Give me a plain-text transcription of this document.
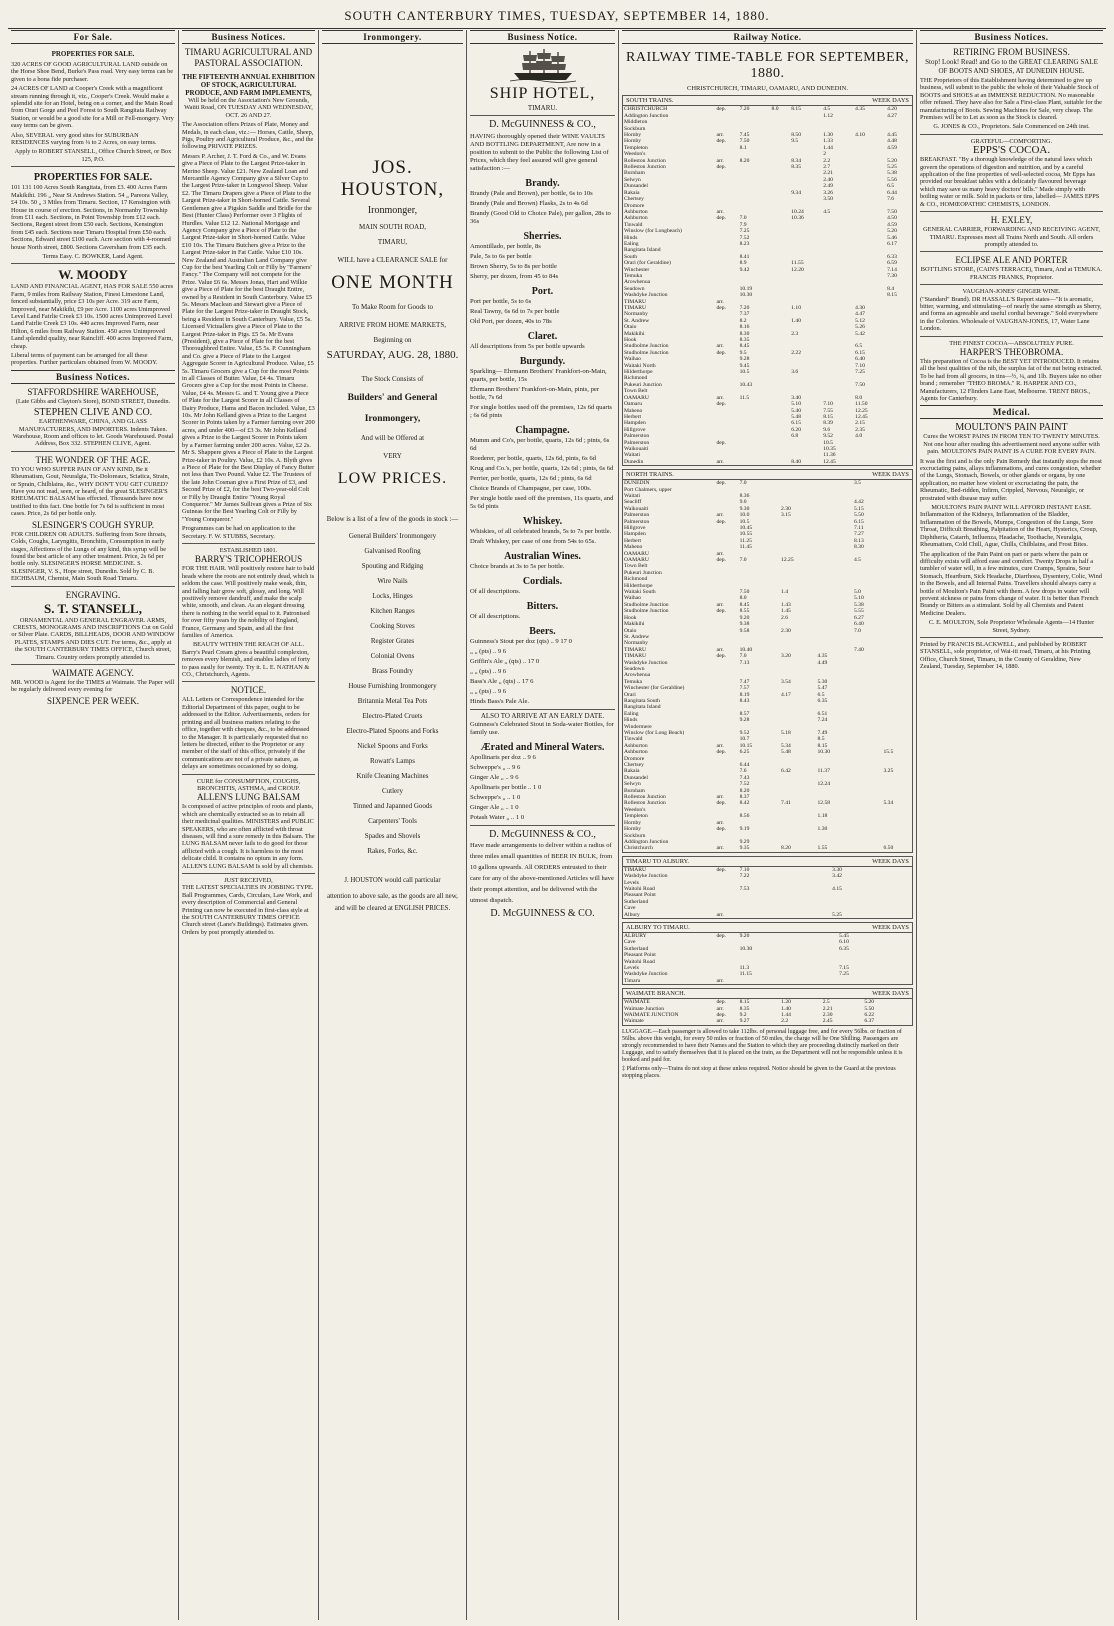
SOUTH CANTERBURY TIMES, TUESDAY, SEPTEMBER 14, 1880.
For Sale.
PROPERTIES FOR SALE.

320 ACRES OF GOOD AGRICULTURAL LAND outside on the Horse Shoe Bend, Burke's Pass road. Very easy terms can be given to a bona fide purchaser.

24 ACRES OF LAND at Cooper's Creek with a magnificent stream running through it, viz., Cooper's Creek. Would make a splendid site for an Hotel, being on a corner, and the Main Road from Orari Gorge and Peel Forest to South Rangitata Railway Station, or would be a good site for a Mill or Fell-mongery. Very easy terms can be given.

Also, SEVERAL very good sites for SUBURBAN RESIDENCES varying from ¼ to 2 Acres, on easy terms.

Apply to ROBERT STANSELL, Office Church Street, or Box 125, P.O.

PROPERTIES FOR SALE.

101 131 100 Acres South Rangitata, from £3. 400 Acres Farm Makikihi. 196 „ Near St Andrews Station. 54 „ Pareora Valley, £4 10s. 50 „ 3 Miles from Timaru. Section, 17 Kensington with House in course of erection. Sections, in Normanby Township from £11 each. Sections, in Point Township from £12 each. Sections, Regent street from £50 each. Sections, Kensington from £45 each. Sections near Timaru Hospital from £50 each. Sections, Edward street £100 each. Acre section with 4-roomed house North street, £800. Sections Caversham from £35 each.

Terms Easy. C. BOWKER, Land Agent.

W. MOODY

LAND AND FINANCIAL AGENT, HAS FOR SALE 550 acres Farm, 9 miles from Railway Station, Finest Limestone Land, fenced substantially, price £3 10s per Acre. 319 acre Farm, Improved, near Makikihi, £9 per Acre. 1100 acres Unimproved Level Land Fairlie Creek £3 10s. 1500 acres Unimproved Level Land Fairlie Creek £3 10s. 440 acres Improved Farm, near Hilton, 6 miles from Railway Station. 450 acres Unimproved Land splendid quality, near Raincliff. 400 acres Improved Farm, cheap.

Liberal terms of payment can be arranged for all these properties. Further particulars obtained from W. MOODY.

Business Notices.
STAFFORDSHIRE WAREHOUSE,

(Late Gibbs and Clayton's Store), BOND STREET, Dunedin.

STEPHEN CLIVE AND CO.

EARTHENWARE, CHINA, AND GLASS MANUFACTURERS, AND IMPORTERS. Indents Taken. Warehouse, Room and offices to let. Goods Warehoused. Postal Address, Box 332. STEPHEN CLIVE, Agent.

THE WONDER OF THE AGE.

TO YOU WHO SUFFER PAIN OF ANY KIND, Be it Rheumatism, Gout, Neuralgia, Tic-Doloreaux, Sciatica, Strain, or Sprain, Chilblains, &c., WHY DON'T YOU GET CURED? Have you not read, seen, or heard, of the great SLESINGER'S RHEUMATIC BALSAM has effected. Thousands have now testified to this fact. One bottle for 7s 6d is sufficient in most cases. Price, 2s 6d per bottle only.

SLESINGER'S COUGH SYRUP.

FOR CHILDREN OR ADULTS. Suffering from Sore throats, Colds, Coughs, Laryngitis, Bronchitis, Consumption in early stages, Affections of the Lungs of any kind, this syrup will be found the best article of any other treatment. Price, 2s 6d per bottle only. SLESINGER'S HORSE MEDICINE. S. SLESINGER, V. S., Hope street, Dunedin. Sold by C. B. EICHBAUM, Chemist, Main South Road Timaru.

ENGRAVING.
S. T. STANSELL,

ORNAMENTAL AND GENERAL ENGRAVER. ARMS, CRESTS, MONOGRAMS AND INSCRIPTIONS Cut on Gold or Silver Plate. CARDS, BILLHEADS, DOOR AND WINDOW PLATES, STAMPS AND DIES CUT. For terms, &c., apply at the SOUTH CANTERBURY TIMES OFFICE, Church street, Timaru. Country orders promptly attended to.

WAIMATE AGENCY.

MR. WOOD is Agent for the TIMES at Waimate. The Paper will be regularly delivered every evening for

SIXPENCE PER WEEK.
Business Notices.
TIMARU AGRICULTURAL AND PASTORAL ASSOCIATION.
THE FIFTEENTH ANNUAL EXHIBITION OF STOCK, AGRICULTURAL PRODUCE, AND FARM IMPLEMENTS,

Will be held on the Association's New Grounds, Waiiti Road, ON TUESDAY AND WEDNESDAY, OCT. 26 AND 27.

The Association offers Prizes of Plate, Money and Medals, in each class, viz.:— Horses, Cattle, Sheep, Pigs, Poultry and Agricultural Produce, &c., and the following PRIVATE PRIZES.

Messrs P. Archer, J. T. Ford & Co., and W. Evans give a Piece of Plate to the Largest Prize-taker in Merino Sheep. Value £21. New Zealand Loan and Mercantile Agency Company give a Silver Cup to the Largest Prize-taker in Longwool Sheep. Value £2. The Timaru Drapers give a Piece of Plate to the Largest Prize-taker in Short-horned Cattle. Several Gentlemen give a Pigskin Saddle and Bridle for the Best (Hunter Class) Performer over 3 Flights of Hurdles. Value £12 12. National Mortgage and Agency Company give a Piece of Plate to the Largest Prize-taker in Short-horned Cattle. Value £10 10s. The Timaru Butchers give a Prize to the Largest Prize-taker in Fat Cattle. Value £10 10s. New Zealand and Australian Land Company give Cup for the best Yearling Colt or Filly by "Farmers' Fancy." The Company will not compete for the Prize. Value £6 6s. Messrs Jonas, Hart and Wilkie give a Piece of Plate for the best Draught Entire, owned by a Resident in South Canterbury. Value £5 5s. Messrs Maclean and Stewart give a Piece of Plate for the Largest Prize-taker in Draught Stock, being a Resident in South Canterbury. Value, £5 5s. Licensed Victuallers give a Piece of Plate to the Largest Prize-taker in Pigs. £5 5s. Mr Evans (President), give a Piece of Plate for the best Thoroughbred Entire. Value, £5 5s. P. Cunningham and Co. give a Piece of Plate to the Largest Aggregate Scorer in Agricultural Produce. Value, £5 5s. Timaru Grocers give a Cup for the most Points in all Classes of Butter. Value, £4 4s. Timaru Grocers give a Cup for the most Points in Cheese. Value, £4 4s. Messrs G. and T. Young give a Piece of Plate for the Largest Scorer in all Classes of Dairy Produce, Hams and Bacon included. Value, £3 10s. Mr John Kelland gives a Prize to the Largest Scorer in Points taken by a Farmer farming over 200 acres, and under 400—of £3 3s. Mr John Kelland gives a Prize to the Largest Scorer in Points taken by a Farmer farming under 200 acres. Value, £2 2s. Mr S. Shappere gives a Piece of Plate to the Largest Prize-taker in Poultry. Value, £2 10s. A. Blyth gives a Piece of Plate for the Best Display of Fancy Butter not less than Two Pound. Value £2. The Trustees of the late John Cosman give a First Prize of £3, and Second Prize of £2, for the best Two-year-old Colt or Filly by Draught Entire "Young Royal Conqueror." Mr James Sullivan gives a Prize of Six Guineas for the Best Yearling Colt or Filly by "Young Conqueror."

Programmes can be had on application to the Secretary. F. W. STUBBS, Secretary.

ESTABLISHED 1801.
BARRY'S TRICOPHEROUS

FOR THE HAIR. Will positively restore hair to bald heads where the roots are not entirely dead, which is seldom the case. Will positively make weak, thin, and falling hair grow soft, glossy, and long. Will positively remove dandruff, and make the scalp white, smooth, and clean. As an elegant dressing there is nothing in the world equal to it. Patronised for over fifty years by the nobility of England, France, Germany and Spain, and all the first families of America.

BEAUTY WITHIN THE REACH OF ALL.

Barry's Pearl Cream gives a beautiful complexion, removes every blemish, and enables ladies of forty to pass easily for twenty. Try it. L. E. NATHAN & CO., Christchurch, Agents.

NOTICE.

ALL Letters or Correspondence intended for the Editorial Department of this paper, ought to be addressed to the Editor. Advertisements, orders for printing and all business matters relating to the office, together with cheques, &c., to be addressed to the Manager. It is particularly requested that no letters be directed, either to the Proprietor or any member of the staff of this office, privately if the communications are not of a private nature, as delays are sometimes occasioned by so doing.

CURE for CONSUMPTION, COUGHS, BRONCHITIS, ASTHMA, and CROUP.
ALLEN'S LUNG BALSAM

Is composed of active principles of roots and plants, which are chemically extracted so as to retain all their medicinal qualities. MINISTERS and PUBLIC SPEAKERS, who are often afflicted with throat diseases, will find a sure remedy in this Balsam. The LUNG BALSAM never fails to do good for those afflicted with a cough. It is harmless to the most delicate child. It contains no opium in any form. ALLEN'S LUNG BALSAM Is sold by all chemists.

JUST RECEIVED,

THE LATEST SPECIALTIES IN JOBBING TYPE. Ball Programmes, Cards, Circulars, Law Work, and every description of Commercial and General Printing can now be executed in first-class style at the SOUTH CANTERBURY TIMES OFFICE Church street (Lane's Buildings). Estimates given. Orders by post promptly attended to.

Ironmongery.
JOS. HOUSTON,
Ironmonger,
MAIN SOUTH ROAD,
TIMARU,
WILL have a CLEARANCE SALE for
ONE MONTH
To Make Room for Goods to
ARRIVE FROM HOME MARKETS,
Beginning on
SATURDAY, AUG. 28, 1880.
The Stock Consists of
Builders' and General
Ironmongery,
And will be Offered at
VERY
LOW PRICES.
Below is a list of a few of the goods in stock :—
General Builders' Ironmongery
Galvanised Roofing
Spouting and Ridging
Wire Nails
Locks, Hinges
Kitchen Ranges
Cooking Stoves
Register Grates
Colonial Ovens
Brass Foundry
House Furnishing Ironmongery
Britannia Metal Tea Pots
Electro-Plated Cruets
Electro-Plated Spoons and Forks
Nickel Spoons and Forks
Rowatt's Lamps
Knife Cleaning Machines
Cutlery
Tinned and Japanned Goods
Carpenters' Tools
Spades and Shovels
Rakes, Forks, &c.
J. HOUSTON would call particular
attention to above sale, as the goods are all new, and will be cleared at ENGLISH PRICES.
Business Notice.
SHIP HOTEL,
TIMARU.
D. McGUINNESS & CO.,

HAVING thoroughly opened their WINE VAULTS AND BOTTLING DEPARTMENT, Are now in a position to submit to the Public the following List of Prices, which they feel assured will give general satisfaction :—

Brandy.

Brandy (Pale and Brown), per bottle, 6s to 10s

Brandy (Pale and Brown) Flasks, 2s to 4s 6d

Brandy (Good Old to Choice Pale), per gallon, 28s to 36s

Sherries.

Amontillado, per bottle, 8s

Pale, 5s to 6s per bottle

Brown Sherry, 5s to 8s per bottle

Sherry, per dozen, from 45 to 84s

Port.

Port per bottle, 5s to 6s

Real Tawny, 6s 6d to 7s per bottle

Old Port, per dozen, 40s to 78s

Claret.

All descriptions from 5s per bottle upwards

Burgundy.

Sparkling— Ehrmann Brothers' Frankfort-on-Main, quarts, per bottle, 15s

Ehrmann Brothers' Frankfort-on-Main, pints, per bottle, 7s 6d

For single bottles used off the premises, 12s 6d quarts ; 6s 6d pints

Champagne.

Mumm and Co's, per bottle, quarts, 12s 6d ; pints, 6s 6d

Roederer, per bottle, quarts, 12s 6d, pints, 6s 6d

Krug and Co.'s, per bottle, quarts, 12s 6d ; pints, 6s 6d

Perrier, per bottle, quarts, 12s 6d ; pints, 6s 6d

Choice Brands of Champagne, per case, 100s.

Per single bottle used off the premises, 11s quarts, and 5s 6d pints

Whiskey.

Whiskies, of all celebrated brands, 5s to 7s per bottle.

Draft Whiskey, per case of one from 54s to 65s.

Australian Wines.

Choice brands at 3s to 5s per bottle.

Cordials.

Of all descriptions.

Bitters.

Of all descriptions.

Beers.

Guinness's Stout per doz (qts) .. 9 17 0

„ „ (pts) .. 9 6

Griffin's Ale „ (qts) .. 17 0

„ „ (pts) .. 9 6

Bass's Ale „ (qts) .. 17 6

„ „ (pts) .. 9 6

Hinds Bass's Pale Ale.

ALSO TO ARRIVE AT AN EARLY DATE.

Guinness's Celebrated Stout in Soda-water Bottles, for family use.

Ærated and Mineral Waters.

Apollinaris per doz .. 9 6

Schweppe's „ .. 9 6

Ginger Ale „ .. 9 6

Apollinaris per bottle .. 1 0

Schweppe's „ .. 1 0

Ginger Ale „ .. 1 0

Potash Water „ .. 1 0

D. McGUINNESS & CO.,

Have made arrangements to deliver within a radius of three miles small quantities of BEER IN BULK, from 10 gallons upwards. All ORDERS entrusted to their care for any of the above-mentioned Articles will have their prompt attention, and be delivered with the utmost dispatch.

D. McGUINNESS & CO.
Railway Notice.
RAILWAY TIME-TABLE FOR SEPTEMBER, 1880.
CHRISTCHURCH, TIMARU, OAMARU, AND DUNEDIN.
SOUTH TRAINS.	WEEK DAYS
CHRISTCHURCH	dep.	7.20	8.0	8.15	4.5	4.35	4.20
Addington Junction					1.12		4.27
Middleton							
Sockburn							
Hornby	arr.	7.45		8.50	1.30	4.10	4.45
Hornby	dep.	7.50		9.5	1.33		4.48
Templeton		8.1			1.44		4.59
Weedon's					2		
Rolleston Junction	arr.	8.20		8.34	2.2		5.20
Rolleston Junction	dep.			8.35	2.7		5.25
Burnham					2.21		5.38
Selwyn					2.40		5.56
Dunsandel					2.49		6.5
Rakaia				9.34	3.26		6.44
Chertsey					3.50		7.6
Dromore							
Ashburton	arr.			10.24	4.5		7.50
Ashburton	dep.	7.0		10.36			4.50
Tinwald		7.9					4.59
Winslow (for Longbeach)		7.25					5.20
Hinds		7.52					5.46
Ealing		8.23					6.17
Rangitata Island							
South		8.41					6.33
Orari (for Geraldine)		8.9		11.55			6.59
Winchester		9.42		12.20			7.14
Temuka							7.30
Arowhenua							
Seadown		10.19					8.4
Washdyke Junction		10.30					8.15
TIMARU	arr.						
TIMARU	dep.	7.20		1.10		4.30	
Normanby		7.37				4.47	
St. Andrew		8.2		1.40		5.12	
Otaio		8.16				5.26	
Makikihi		8.30		2.3		5.42	
Hook		8.35					
Studholme Junction	arr.	8.45				6.5	
Studholme Junction	dep.	9.5		2.22		6.15	
Waihao		9.28				6.40	
Waitaki North		9.45				7.10	
Hilderthorpe		10.5		3.6		7.25	
Richmond							
Pukeuri Junction		10.43				7.50	
Town Belt							
OAMARU	arr.	11.5		3.40		8.0	
Oamaru	dep.			5.10	7.10	11.50	
Maheno				5.40	7.55	12.25	
Herbert				5.48	8.15	12.45	
Hampden				6.15	8.39	2.15	
Hillgrove				6.20	9.6	2.35	
Palmerston				6.8	9.52	4.0	
Palmerston	dep.				10.5		
Waikouaiti					10.35		
Waitati					11.36		
Dunedin	arr.			8.40	12.45		
NORTH TRAINS.	WEEK DAYS
DUNEDIN	dep.	7.0				3.5	
Port Chalmers, upper							
Waitati		8.36					
Seacliff		9.0				4.42	
Waikouaiti		9.30		2.30		5.15	
Palmerston	arr.	10.0		3.15		5.50	
Palmerston	dep.	10.5				6.15	
Hillgrove		10.45				7.11	
Hampden		10.55				7.27	
Herbert		11.25				8.13	
Maheno		11.45				8.30	
OAMARU	arr.						
OAMARU	dep.	7.0		12.25		4.5	
Town Belt							
Pukeuri Junction							
Richmond							
Hilderthorpe							
Waitaki South		7.50		1.4		5.0	
Waihao		8.0				5.10	
Studholme Junction	arr.	8.45		1.43		5.38	
Studholme Junction	dep.	8.55		1.45		5.55	
Hook		9.20		2.6		6.27	
Makikihi		9.38				6.40	
Otaio		9.58		2.30		7.0	
St. Andrew							
Normanby							
TIMARU	arr.	10.40				7.40	
TIMARU	dep.	7.0		3.20	4.35		
Washdyke Junction		7.13			4.49		
Seadown							
Arowhenua							
Temuka		7.47		3.54	5.30		
Winchester (for Geraldine)		7.57			5.47		
Orari		8.19		4.17	6.5		
Rangitata South		8.43			6.35		
Rangitata Island							
Ealing		8.57			6.51		
Hinds		9.28			7.24		
Windermere							
Winslow (for Long Beach)		9.52		5.18	7.49		
Tinwald		10.7			8.5		
Ashburton	arr.	10.15		5.34	8.15		
Ashburton	dep.	6.25		5.48	10.30		15.5
Dromore							
Chertsey		6.44					
Rakaia		7.6		6.42	11.37		3.25
Dunsandel		7.43					
Selwyn		7.52			12.24		
Burnham		8.20					
Rolleston Junction	arr.	8.37					
Rolleston Junction	dep.	8.42		7.41	12.58		5.34
Weedon's							
Templeton		8.56			1.18		
Hornby	arr.						
Hornby	dep.	9.19			1.30		
Sockburn							
Addington Junction		9.29					
Christchurch	arr.	9.35		8.20	1.55		6.50
TIMARU TO ALBURY.	WEEK DAYS
TIMARU	dep.	7.10			3.30	
Washdyke Junction		7.22			3.42	
Levels						
Waitohi Road		7.53			4.15	
Pleasant Point						
Sutherland						
Cave						
Albury	arr.				5.25	
ALBURY TO TIMARU.	WEEK DAYS
ALBURY	dep.	9.20			5.45	
Cave					6.10	
Sutherland		10.30			6.35	
Pleasant Point						
Waitohi Road						
Levels		11.3			7.15	
Washdyke Junction		11.15			7.25	
Timaru	arr.					
WAIMATE BRANCH.	WEEK DAYS
WAIMATE	dep.	8.15	1.20	2.5	5.20	
Waimate Junction	arr.	8.35	1.40	2.21	5.50	
WAIMATE JUNCTION	dep.	9.2	1.44	2.30	6.22	
Waimate	arr.	9.27	2.2	2.45	6.37	

LUGGAGE.—Each passenger is allowed to take 112lbs. of personal luggage free, and for every 56lbs. or fraction of 56lbs. above this weight, for every 50 miles or fraction of 50 miles, the charge will be One Shilling. Passengers are strongly recommended to have their Names and the Station to which they are proceeding distinctly marked on their Luggage, and to satisfy themselves that it is placed on the train, as the Department will not be responsible unless it is booked and paid for.

‡ Platforms only—Trains do not stop at these unless required. Notice should be given to the Guard at the previous stopping places.

Business Notices.
RETIRING FROM BUSINESS.

Stop! Look! Read! and Go to the GREAT CLEARING SALE OF BOOTS AND SHOES, AT DUNEDIN HOUSE.

THE Proprietors of this Establishment having determined to give up business, will submit to the public the whole of their Valuable Stock of BOOTS and SHOES at an IMMENSE REDUCTION. No reasonable offer refused. They have also for Sale a First-class Plant, suitable for the manufacturing of Boots. Sewing Machines for Sale, very cheap. The Premises will be to Let as soon as the Stock is cleared.

G. JONES & CO., Proprietors. Sale Commenced on 24th inst.

GRATEFUL—COMFORTING.
EPPS'S COCOA.

BREAKFAST. "By a thorough knowledge of the natural laws which govern the operations of digestion and nutrition, and by a careful application of the fine properties of well-selected cocoa, Mr Epps has provided our breakfast tables with a delicately flavoured beverage which may save us many heavy doctors' bills." Made simply with boiling water or milk. Sold in packets or tins, labelled— JAMES EPPS & CO., HOMŒOPATHIC CHEMISTS, LONDON.

H. EXLEY,

GENERAL CARRIER, FORWARDING AND RECEIVING AGENT, TIMARU. Expresses meet all Trains North and South. All orders promptly attended to.

ECLIPSE ALE AND PORTER

BOTTLING STORE, (CAIN'S TERRACE), Timaru, And at TEMUKA. FRANCIS FRANKS, Proprietor.

VAUGHAN-JONES' GINGER WINE.

("Standard" Brand). DR HASSALL'S Report states—"It is aromatic, bitter, warming, and stimulating—of nearly the same strength as Sherry, and forms an agreeable and useful cordial beverage." Sold everywhere in the Colonies. Wholesale of VAUGHAN-JONES, 17, Water Lane London.

THE FINEST COCOA—ABSOLUTELY PURE.
HARPER'S THEOBROMA.

This preparation of Cocoa is the BEST YET INTRODUCED. It retains all the best qualities of the nib, the surplus fat of the nut being extracted. To be had from all grocers, in tins—½, ¼, and 1lb. Buyers take no other brand ; remember "THEO BROMA." R. HARPER AND CO., Manufacturers, 12 Flinders Lane East, Melbourne. TRENT BROS., Agents for Canterbury.

Medical.
MOULTON'S PAIN PAINT

Cures the WORST PAINS IN FROM TEN TO TWENTY MINUTES. Not one hour after reading this advertisement need anyone suffer with pain. MOULTON'S PAIN PAINT IS A CURE FOR EVERY PAIN.

It was the first and is the only Pain Remedy that instantly stops the most excruciating pains, allays inflammations, and cures congestion, whether of the Lungs, Stomach, Bowels, or other glands or organs, by one application, no matter how violent or excruciating the pain, the Rheumatic, Bed-ridden, Infirm, Crippled, Nervous, Neuralgic, or prostrated with disease may suffer.

MOULTON'S PAIN PAINT WILL AFFORD INSTANT EASE.

Inflammation of the Kidneys, Inflammation of the Bladder, Inflammation of the Bowels, Mumps, Congestion of the Lungs, Sore Throat, Difficult Breathing, Palpitation of the Heart, Hysterics, Croup, Diphtheria, Catarrh, Influenza, Headache, Toothache, Neuralgia, Rheumatism, Cold Chill, Ague, Chills, Chilblains, and Frost Bites.

The application of the Pain Paint on part or parts where the pain or difficulty exists will afford ease and comfort. Twenty Drops in half a tumbler of water will, in a few minutes, cure Cramps, Sprains, Sour Stomach, Heartburn, Sick Headache, Diarrhoea, Dysentery, Colic, Wind in the Bowels, and all Internal Pains. Travellers should always carry a bottle of Moulton's Pain Paint with them. A few drops in water will prevent sickness or pains from change of water. It is better than French Brandy or Bitters as a stimulant. Sold by all Chemists and Patent Medicine Dealers.

C. E. MOULTON, Sole Proprietor Wholesale Agents—14 Hunter Street, Sydney.

Printed by FRANCIS BLACKWELL, and published by ROBERT STANSELL, sole proprietor, of Wai-iti road, Timaru, at his Printing Office, Church Street, Timaru, in the County of Geraldine, New Zealand, Tuesday, September 14, 1880.
